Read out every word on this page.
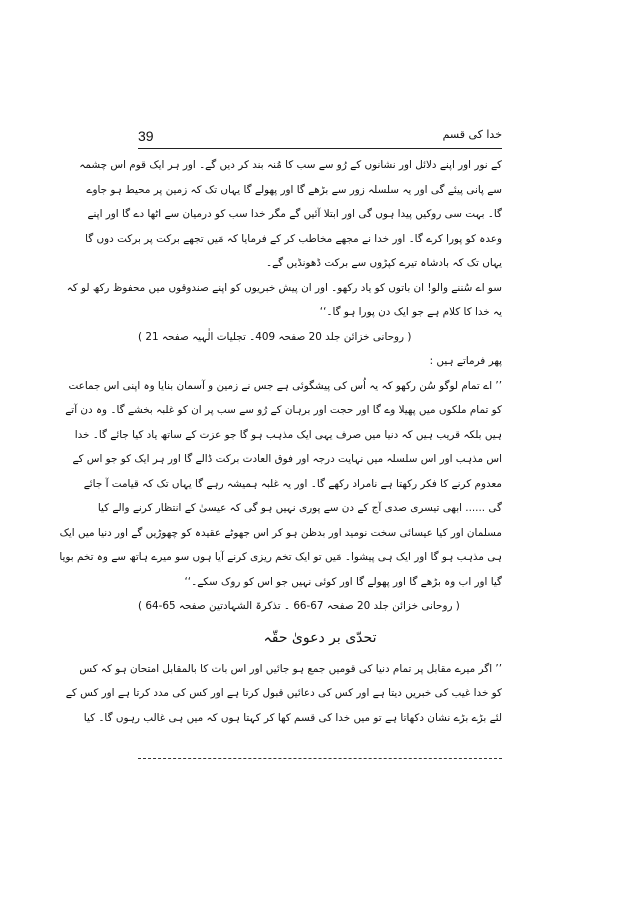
39	خدا کی قسم
کے نور اور اپنے دلائل اور نشانوں کے رُو سے سب کا مُنہ بند کر دیں گے۔ اور ہر ایک قوم اس چشمہ
سے پانی پیئے گی اور یہ سلسلہ زور سے بڑھے گا اور پھولے گا یہاں تک کہ زمین پر محیط ہو جاوے
گا۔ بہت سی روکیں پیدا ہوں گی اور ابتلا آئیں گے مگر خدا سب کو درمیان سے اٹھا دے گا اور اپنے
وعدہ کو پورا کرے گا۔ اور خدا نے مجھے مخاطب کر کے فرمایا کہ مَیں تجھے برکت پر برکت دوں گا
یہاں تک کہ بادشاہ تیرے کپڑوں سے برکت ڈھونڈیں گے۔
سو اے سُننے والو! ان باتوں کو یاد رکھو۔ اور ان پیش خبریوں کو اپنے صندوقوں میں محفوظ رکھ لو کہ
یہ خدا کا کلام ہے جو ایک دن پورا ہو گا۔‘‘
( روحانی خزائن جلد 20 صفحہ 409۔ تجلیات الٰہیہ صفحہ 21 )
پھر فرماتے ہیں :
’’ اے تمام لوگو سُن رکھو کہ یہ اُس کی پیشگوئی ہے جس نے زمین و آسمان بنایا وہ اپنی اس جماعت
کو تمام ملکوں میں پھیلا وے گا اور حجت اور برہان کے رُو سے سب پر ان کو غلبہ بخشے گا۔ وہ دن آتے
ہیں بلکہ قریب ہیں کہ دنیا میں صرف یہی ایک مذہب ہو گا جو عزت کے ساتھ یاد کیا جائے گا۔ خدا
اس مذہب اور اس سلسلہ میں نہایت درجہ اور فوق العادت برکت ڈالے گا اور ہر ایک کو جو اس کے
معدوم کرنے کا فکر رکھتا ہے نامراد رکھے گا۔ اور یہ غلبہ ہمیشہ رہے گا یہاں تک کہ قیامت آ جائے
گی ...... ابھی تیسری صدی آج کے دن سے پوری نہیں ہو گی کہ عیسیٰ کے انتظار کرنے والے کیا
مسلمان اور کیا عیسائی سخت نومید اور بدظن ہو کر اس جھوٹے عقیدہ کو چھوڑیں گے اور دنیا میں ایک
ہی مذہب ہو گا اور ایک ہی پیشوا۔ مَیں تو ایک تخم ریزی کرنے آیا ہوں سو میرے ہاتھ سے وہ تخم بویا
گیا اور اب وہ بڑھے گا اور پھولے گا اور کوئی نہیں جو اس کو روک سکے۔‘‘
( روحانی خزائن جلد 20 صفحہ 67-66 ۔ تذکرۃ الشہادتین صفحہ 65-64 )
تحدّی بر دعویٰ حقّہ
’’ اگر میرے مقابل پر تمام دنیا کی قومیں جمع ہو جائیں اور اس بات کا بالمقابل امتحان ہو کہ کس
کو خدا غیب کی خبریں دیتا ہے اور کس کی دعائیں قبول کرتا ہے اور کس کی مدد کرتا ہے اور کس کے
لئے بڑے بڑے نشان دکھاتا ہے تو میں خدا کی قسم کھا کر کہتا ہوں کہ میں ہی غالب رہوں گا۔ کیا
